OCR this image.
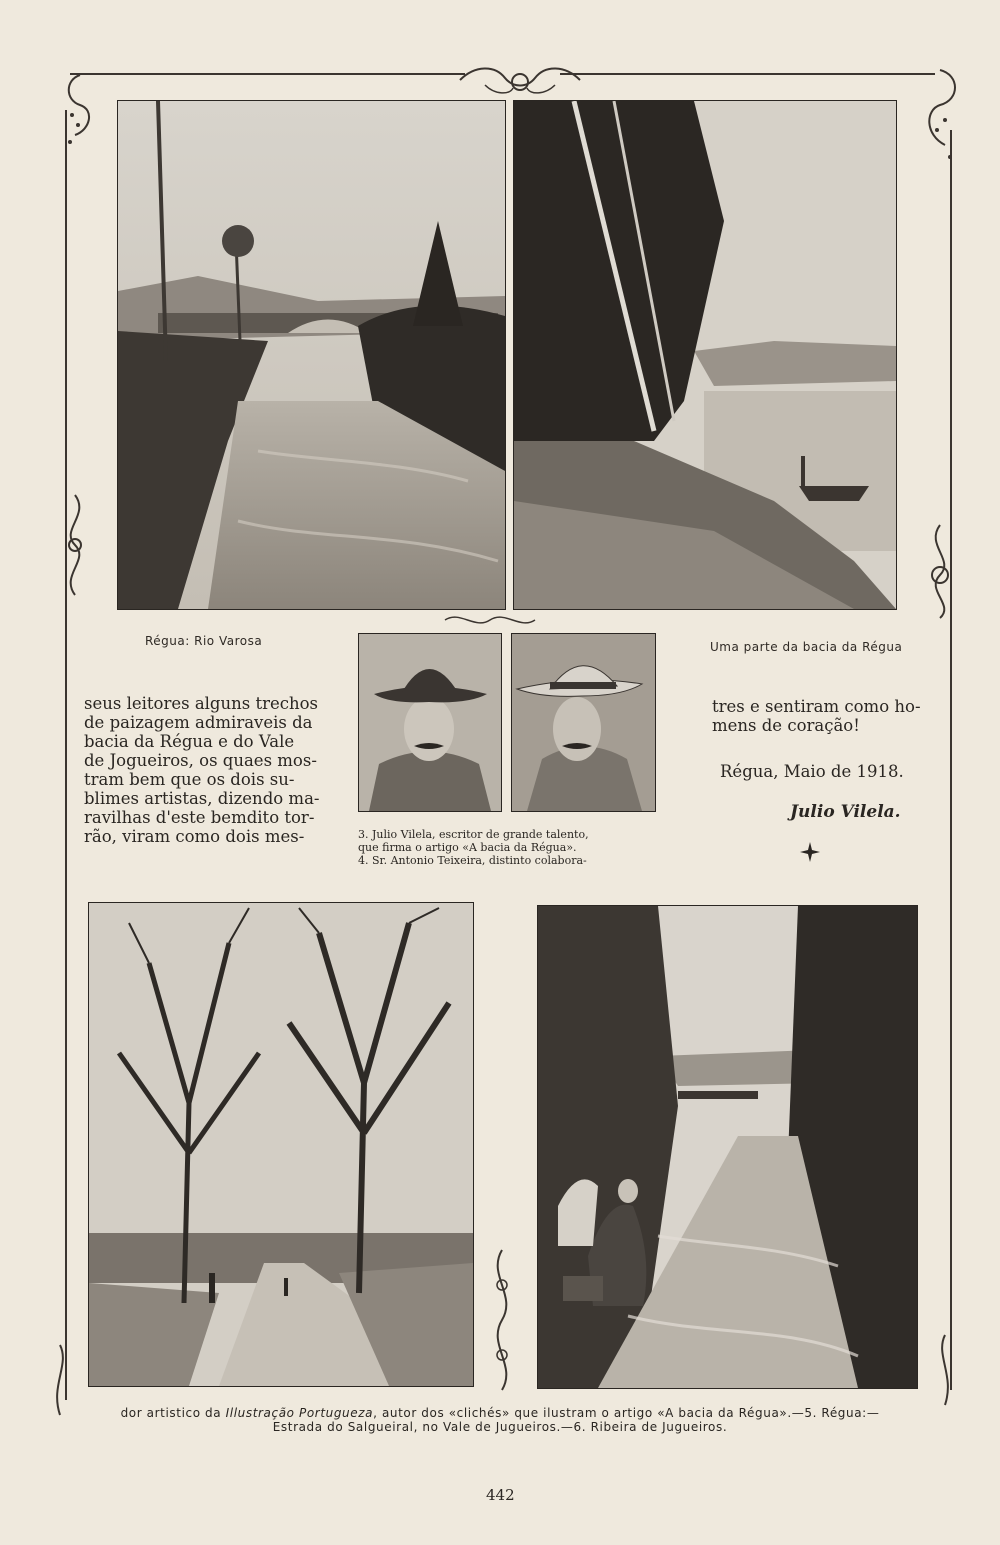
Régua: Rio Varosa	Uma parte da bacia da Régua
seus leitores alguns trechos
de paizagem admiraveis da
bacia da Régua e do Vale
de Jogueiros, os quaes mos-
tram bem que os dois su-
blimes artistas, dizendo ma-
ravilhas d'este bemdito tor-
rão, viram como dois mes-	3. Julio Vilela, escritor de grande talento,
que firma o artigo «A bacia da Régua».
4. Sr. Antonio Teixeira, distinto colabora-
tres e sentiram como ho-
mens de coração!
Régua, Maio de 1918.
Julio Vilela.
dor artistico da Illustração Portugueza, autor dos «clichés» que ilustram o artigo «A bacia da Régua».—5. Régua:—
Estrada do Salgueiral, no Vale de Jugueiros.—6. Ribeira de Jugueiros.
442
